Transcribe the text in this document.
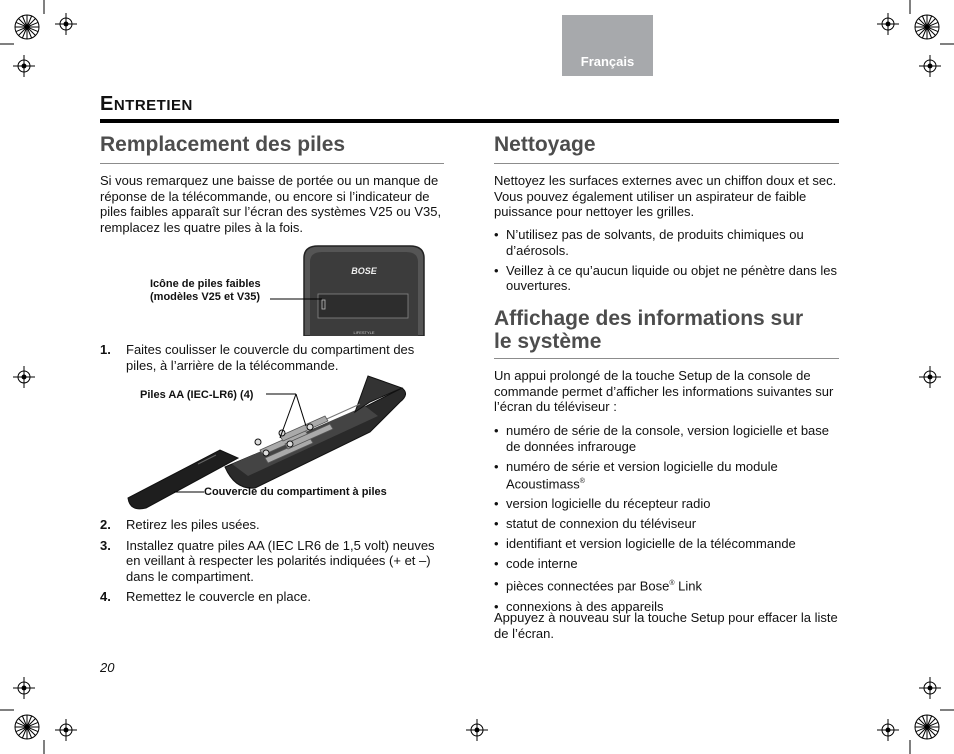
Français
ENTRETIEN
Remplacement des piles

Si vous remarquez une baisse de portée ou un manque de réponse de la télécommande, ou encore si l’indicateur de piles faibles apparaît sur l’écran des systèmes V25 ou V35, remplacez les quatre piles à la fois.

BOSE
LIFESTYLE
Icône de piles faibles
(modèles V25 et V35)
1. Faites coulisser le couvercle du compartiment des piles, à l’arrière de la télécommande.
Piles AA (IEC-LR6) (4)
Couvercle du compartiment à piles
2. Retirez les piles usées.
3. Installez quatre piles AA (IEC LR6 de 1,5 volt) neuves en veillant à respecter les polarités indiquées (+ et –) dans le compartiment.
4. Remettez le couvercle en place.
Nettoyage

Nettoyez les surfaces externes avec un chiffon doux et sec. Vous pouvez également utiliser un aspirateur de faible puissance pour nettoyer les grilles.

• N’utilisez pas de solvants, de produits chimiques ou d’aérosols.
• Veillez à ce qu’aucun liquide ou objet ne pénètre dans les ouvertures.
Affichage des informations sur
le système

Un appui prolongé de la touche Setup de la console de commande permet d’afficher les informations suivantes sur l’écran du téléviseur :

• numéro de série de la console, version logicielle et base de données infrarouge
• numéro de série et version logicielle du module Acoustimass®
• version logicielle du récepteur radio
• statut de connexion du téléviseur
• identifiant et version logicielle de la télécommande
• code interne
• pièces connectées par Bose® Link
• connexions à des appareils

Appuyez à nouveau sur la touche Setup pour effacer la liste de l’écran.

20
